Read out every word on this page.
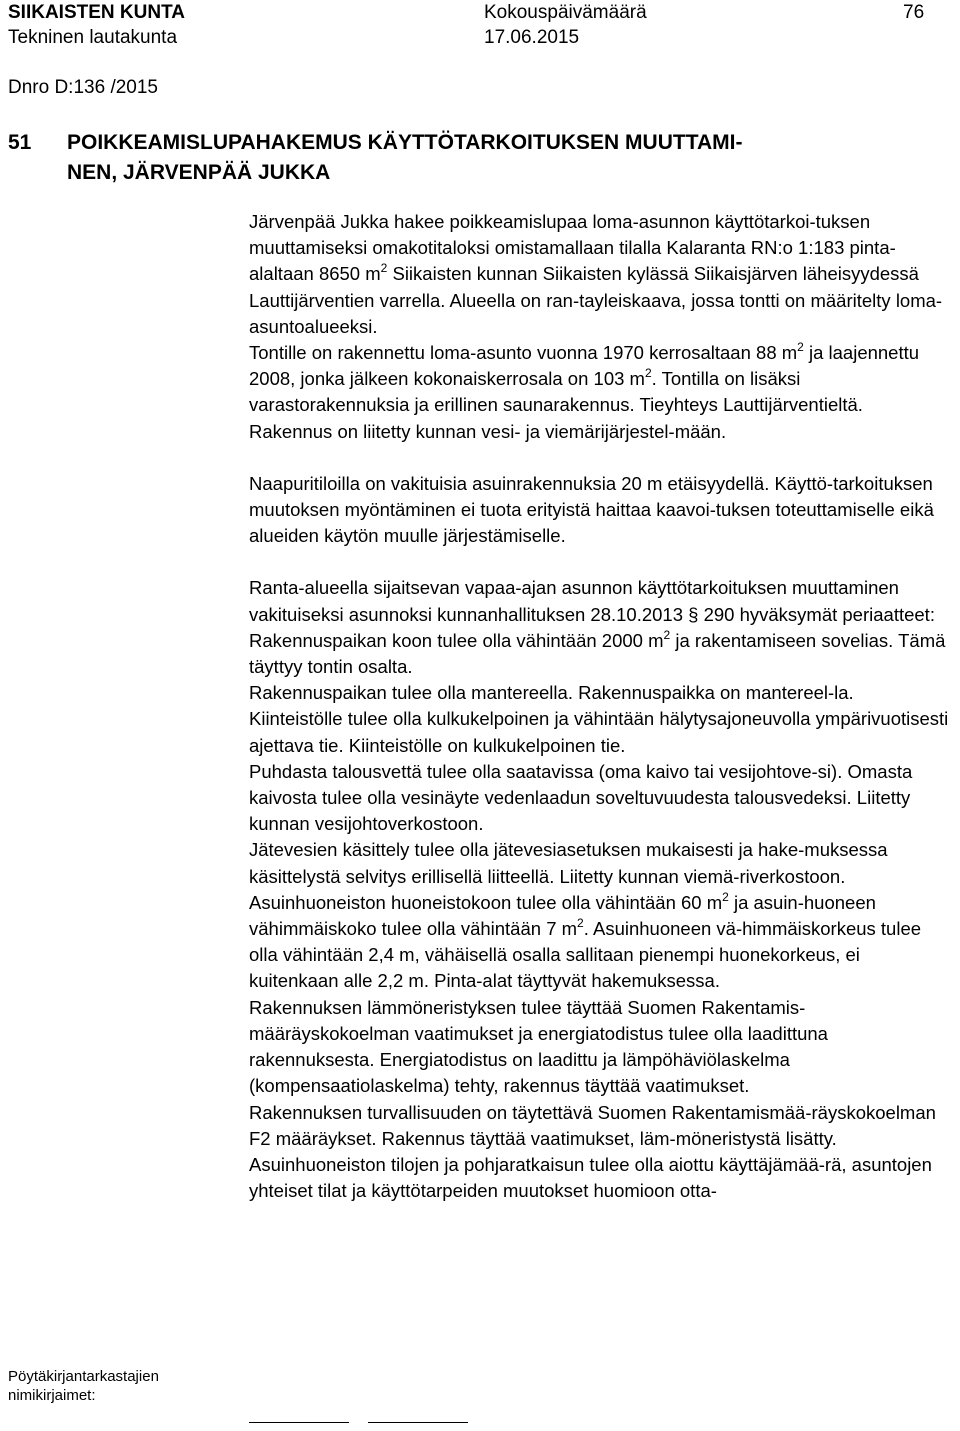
SIIKAISTEN KUNTA
Tekninen lautakunta
Kokouspäivämäärä
17.06.2015
76
Dnro D:136 /2015
51 POIKKEAMISLUPAHAKEMUS KÄYTTÖTARKOITUKSEN MUUTTAMI-
NEN, JÄRVENPÄÄ JUKKA

Järvenpää Jukka hakee poikkeamislupaa loma-asunnon käyttötarkoi-tuksen muuttamiseksi omakotitaloksi omistamallaan tilalla Kalaranta RN:o 1:183 pinta-alaltaan 8650 $m^2$ Siikaisten kunnan Siikaisten kylässä Siikaisjärven läheisyydessä Lauttijärventien varrella. Alueella on ran-tayleiskaava, jossa tontti on määritelty loma-asuntoalueeksi.

Tontille on rakennettu loma-asunto vuonna 1970 kerrosaltaan 88 $m^2$ ja laajennettu 2008, jonka jälkeen kokonaiskerrosala on 103 $m^2$. Tontilla on lisäksi varastorakennuksia ja erillinen saunarakennus. Tieyhteys Lauttijärventieltä. Rakennus on liitetty kunnan vesi- ja viemärijärjestel-mään.

Naapuritiloilla on vakituisia asuinrakennuksia 20 m etäisyydellä. Käyttö-tarkoituksen muutoksen myöntäminen ei tuota erityistä haittaa kaavoi-tuksen toteuttamiselle eikä alueiden käytön muulle järjestämiselle.

Ranta-alueella sijaitsevan vapaa-ajan asunnon käyttötarkoituksen muuttaminen vakituiseksi asunnoksi kunnanhallituksen 28.10.2013 § 290 hyväksymät periaatteet:

Rakennuspaikan koon tulee olla vähintään 2000 $m^2$ ja rakentamiseen sovelias. Tämä täyttyy tontin osalta.

Rakennuspaikan tulee olla mantereella. Rakennuspaikka on mantereel-la.

Kiinteistölle tulee olla kulkukelpoinen ja vähintään hälytysajoneuvolla ympärivuotisesti ajettava tie. Kiinteistölle on kulkukelpoinen tie.

Puhdasta talousvettä tulee olla saatavissa (oma kaivo tai vesijohtove-si). Omasta kaivosta tulee olla vesinäyte vedenlaadun soveltuvuudesta talousvedeksi. Liitetty kunnan vesijohtoverkostoon.

Jätevesien käsittely tulee olla jätevesiasetuksen mukaisesti ja hake-muksessa käsittelystä selvitys erillisellä liitteellä. Liitetty kunnan viemä-riverkostoon.

Asuinhuoneiston huoneistokoon tulee olla vähintään 60 $m^2$ ja asuin-huoneen vähimmäiskoko tulee olla vähintään 7 $m^2$. Asuinhuoneen vä-himmäiskorkeus tulee olla vähintään 2,4 m, vähäisellä osalla sallitaan pienempi huonekorkeus, ei kuitenkaan alle 2,2 m. Pinta-alat täyttyvät hakemuksessa.

Rakennuksen lämmöneristyksen tulee täyttää Suomen Rakentamis-määräyskokoelman vaatimukset ja energiatodistus tulee olla laadittuna rakennuksesta. Energiatodistus on laadittu ja lämpöhäviölaskelma (kompensaatiolaskelma) tehty, rakennus täyttää vaatimukset.

Rakennuksen turvallisuuden on täytettävä Suomen Rakentamismää-räyskokoelman F2 määräykset. Rakennus täyttää vaatimukset, läm-möneristystä lisätty.

Asuinhuoneiston tilojen ja pohjaratkaisun tulee olla aiottu käyttäjämää-rä, asuntojen yhteiset tilat ja käyttötarpeiden muutokset huomioon otta-

Pöytäkirjantarkastajien
nimikirjaimet:
